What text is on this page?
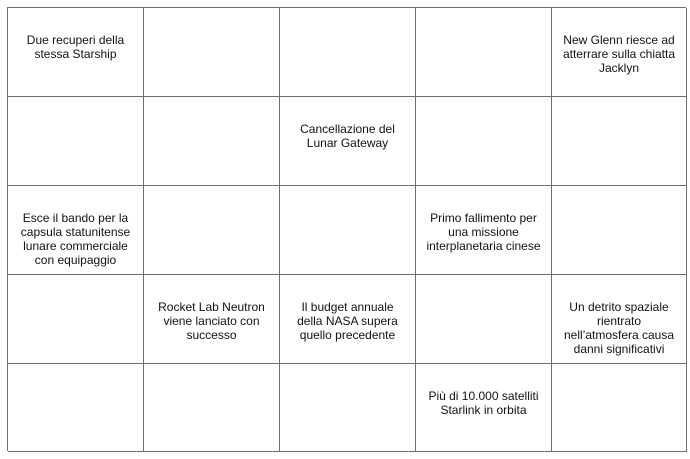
Due recuperi della stessa Starship
New Glenn riesce ad atterrare sulla chiatta Jacklyn
Cancellazione del Lunar Gateway
Esce il bando per la capsula statunitense lunare commerciale con equipaggio
Primo fallimento per una missione interplanetaria cinese
Rocket Lab Neutron viene lanciato con successo
Il budget annuale della NASA supera quello precedente
Un detrito spaziale rientrato nell’atmosfera causa danni significativi
Più di 10.000 satelliti Starlink in orbita
